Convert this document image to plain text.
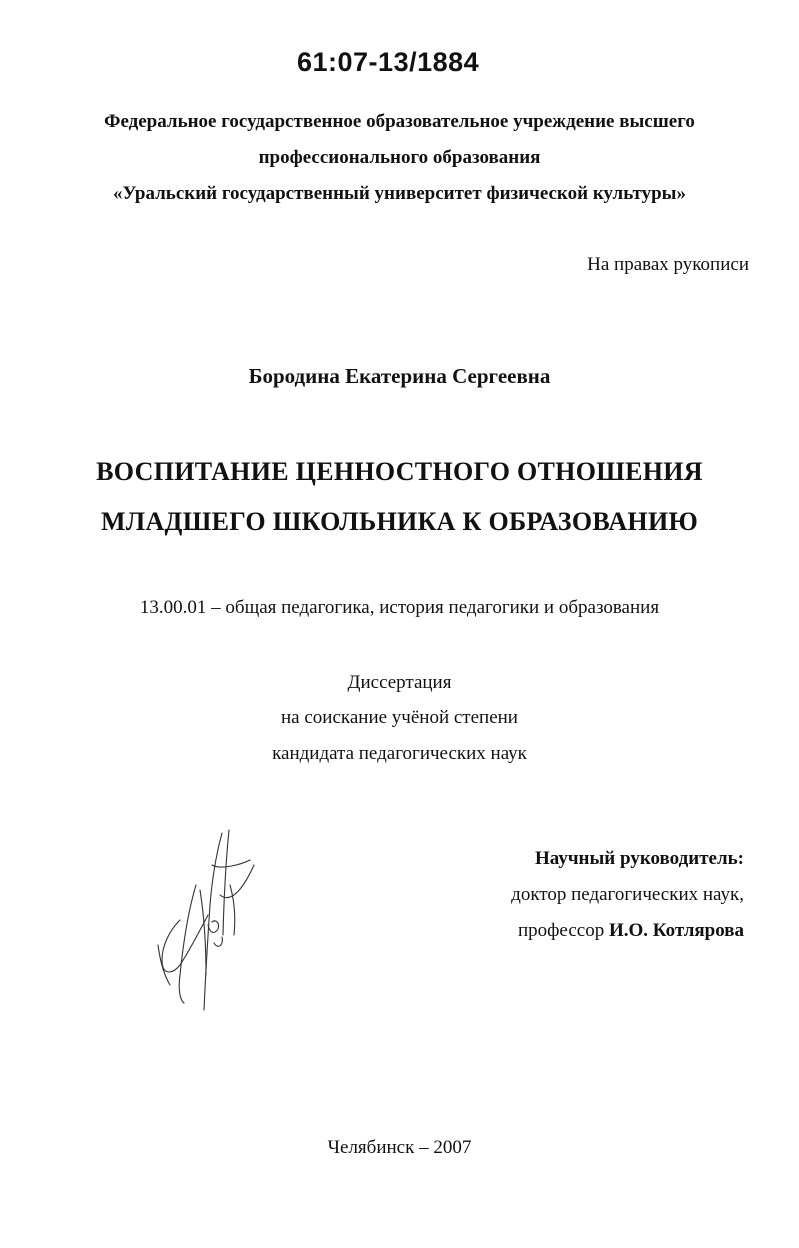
61:07-13/1884
Федеральное государственное образовательное учреждение высшего
профессионального образования
«Уральский государственный университет физической культуры»
На правах рукописи
Бородина Екатерина Сергеевна
ВОСПИТАНИЕ ЦЕННОСТНОГО ОТНОШЕНИЯ
МЛАДШЕГО ШКОЛЬНИКА К ОБРАЗОВАНИЮ
13.00.01 – общая педагогика, история педагогики и образования
Диссертация
на соискание учёной степени
кандидата педагогических наук
Научный руководитель:
доктор педагогических наук,
профессор И.О. Котлярова
Челябинск – 2007
